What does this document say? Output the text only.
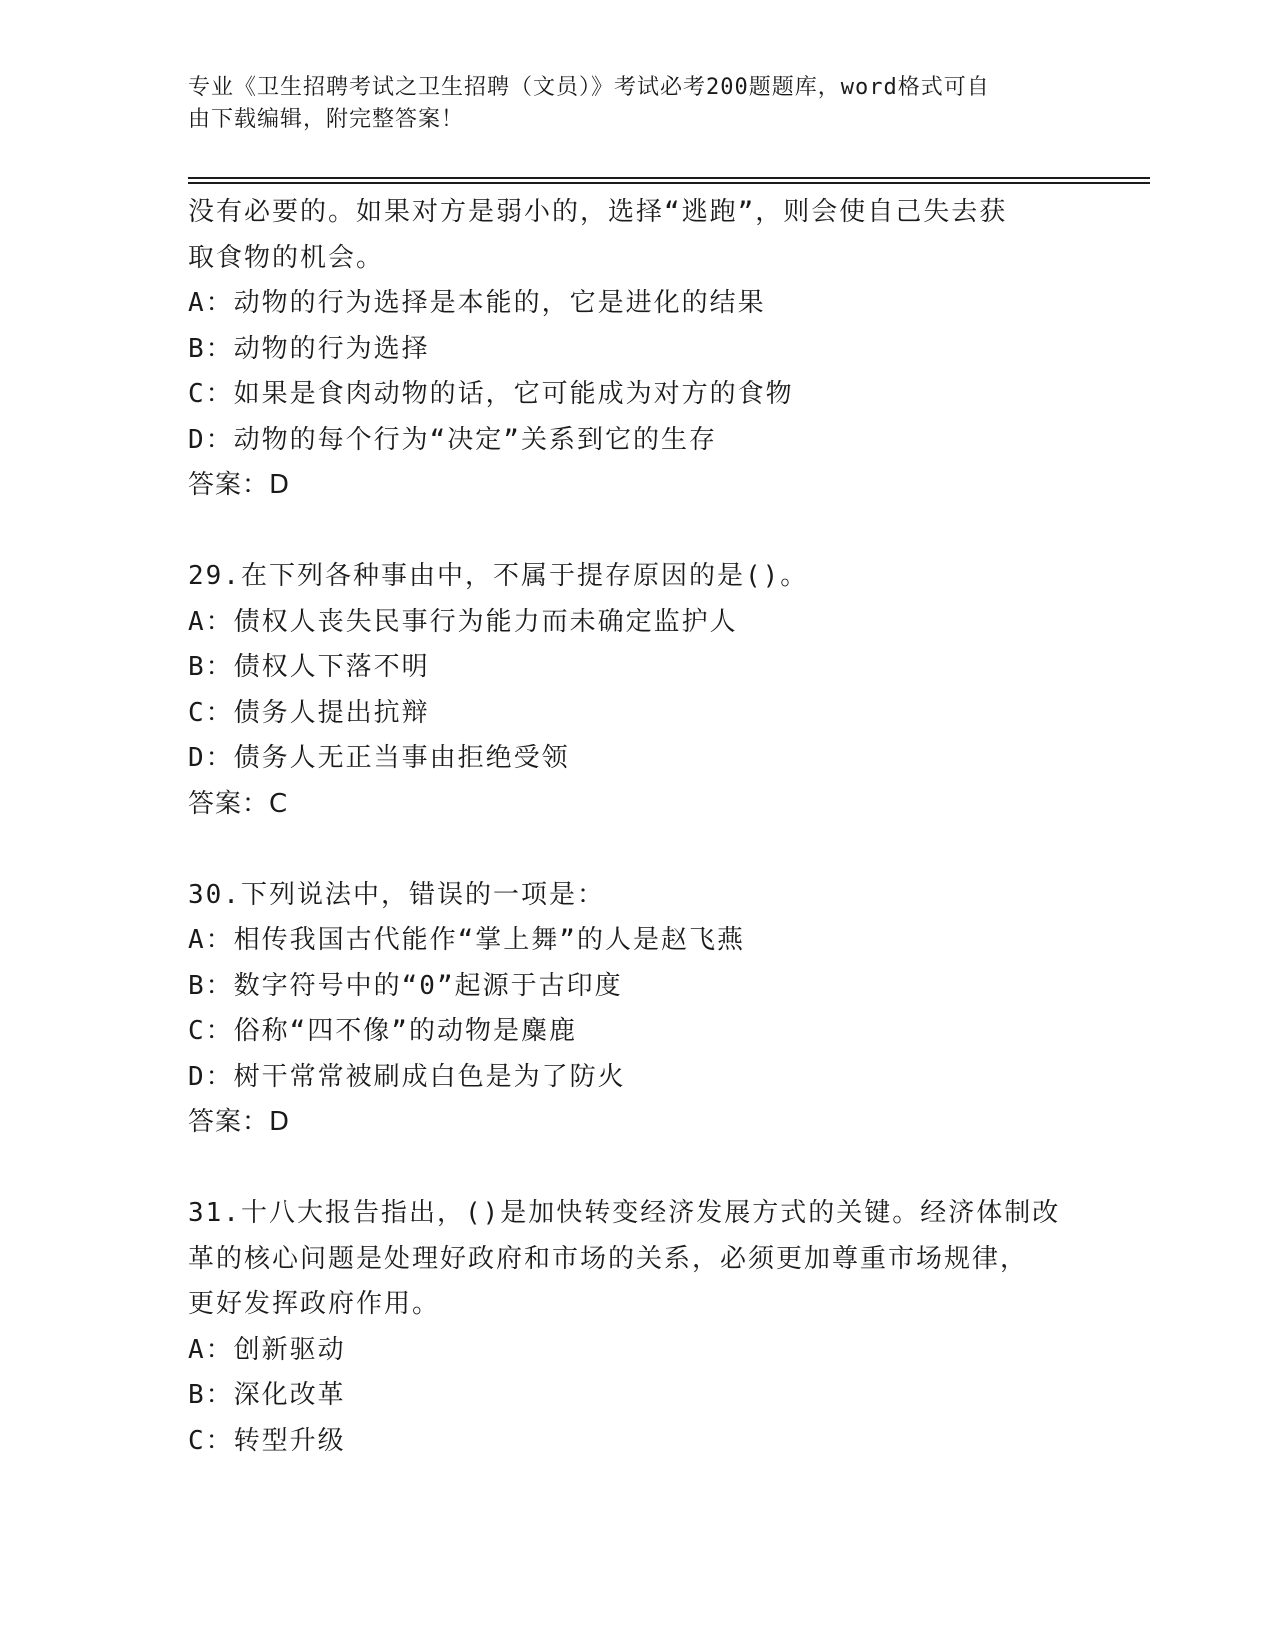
专业《卫生招聘考试之卫生招聘（文员）》考试必考200题题库，word格式可自
由下载编辑，附完整答案！
没有必要的。如果对方是弱小的，选择“逃跑”，则会使自己失去获
取食物的机会。
A：动物的行为选择是本能的，它是进化的结果
B：动物的行为选择
C：如果是食肉动物的话，它可能成为对方的食物
D：动物的每个行为“决定”关系到它的生存
答案：D
29.在下列各种事由中，不属于提存原因的是()。
A：债权人丧失民事行为能力而未确定监护人
B：债权人下落不明
C：债务人提出抗辩
D：债务人无正当事由拒绝受领
答案：C
30.下列说法中，错误的一项是：
A：相传我国古代能作“掌上舞”的人是赵飞燕
B：数字符号中的“0”起源于古印度
C：俗称“四不像”的动物是麋鹿
D：树干常常被刷成白色是为了防火
答案：D
31.十八大报告指出，()是加快转变经济发展方式的关键。经济体制改
革的核心问题是处理好政府和市场的关系，必须更加尊重市场规律，
更好发挥政府作用。
A：创新驱动
B：深化改革
C：转型升级
